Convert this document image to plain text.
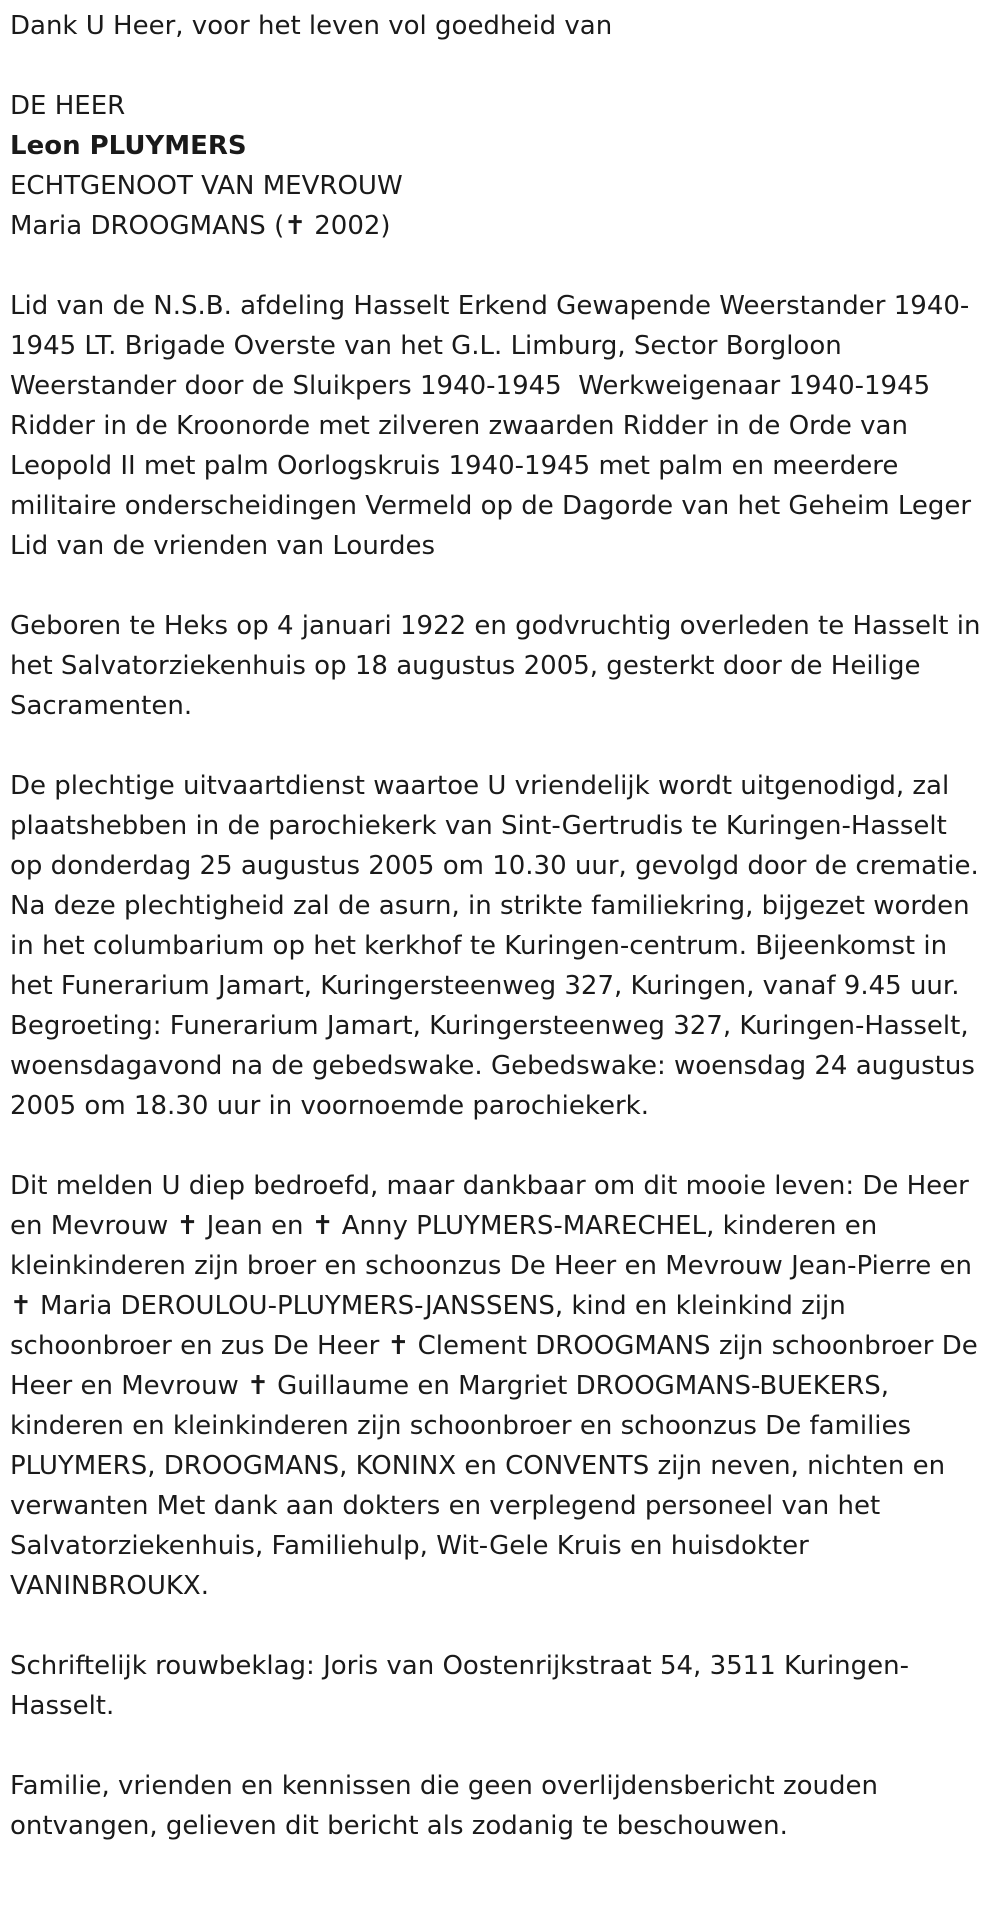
Dank U Heer, voor het leven vol goedheid van

DE HEER

Leon PLUYMERS

ECHTGENOOT VAN MEVROUW

Maria DROOGMANS (✝ 2002)

Lid van de N.S.B. afdeling Hasselt Erkend Gewapende Weerstander 1940-1945 LT. Brigade Overste van het G.L. Limburg, Sector Borgloon Weerstander door de Sluikpers 1940-1945  Werkweigenaar 1940-1945 Ridder in de Kroonorde met zilveren zwaarden Ridder in de Orde van Leopold II met palm Oorlogskruis 1940-1945 met palm en meerdere militaire onderscheidingen Vermeld op de Dagorde van het Geheim Leger Lid van de vrienden van Lourdes

Geboren te Heks op 4 januari 1922 en godvruchtig overleden te Hasselt in het Salvatorziekenhuis op 18 augustus 2005, gesterkt door de Heilige Sacramenten.

De plechtige uitvaartdienst waartoe U vriendelijk wordt uitgenodigd, zal plaatshebben in de parochiekerk van Sint-Gertrudis te Kuringen-Hasselt op donderdag 25 augustus 2005 om 10.30 uur, gevolgd door de crematie. Na deze plechtigheid zal de asurn, in strikte familiekring, bijgezet worden in het columbarium op het kerkhof te Kuringen-centrum. Bijeenkomst in het Funerarium Jamart, Kuringersteenweg 327, Kuringen, vanaf 9.45 uur. Begroeting: Funerarium Jamart, Kuringersteenweg 327, Kuringen-Hasselt, woensdagavond na de gebedswake. Gebedswake: woensdag 24 augustus 2005 om 18.30 uur in voornoemde parochiekerk.

Dit melden U diep bedroefd, maar dankbaar om dit mooie leven: De Heer en Mevrouw ✝ Jean en ✝ Anny PLUYMERS-MARECHEL, kinderen en kleinkinderen zijn broer en schoonzus De Heer en Mevrouw Jean-Pierre en ✝ Maria DEROULOU-PLUYMERS-JANSSENS, kind en kleinkind zijn schoonbroer en zus De Heer ✝ Clement DROOGMANS zijn schoonbroer De Heer en Mevrouw ✝ Guillaume en Margriet DROOGMANS-BUEKERS, kinderen en kleinkinderen zijn schoonbroer en schoonzus De families PLUYMERS, DROOGMANS, KONINX en CONVENTS zijn neven, nichten en verwanten Met dank aan dokters en verplegend personeel van het Salvatorziekenhuis, Familiehulp, Wit-Gele Kruis en huisdokter VANINBROUKX.

Schriftelijk rouwbeklag: Joris van Oostenrijkstraat 54, 3511 Kuringen-Hasselt.

Familie, vrienden en kennissen die geen overlijdensbericht zouden ontvangen, gelieven dit bericht als zodanig te beschouwen.
